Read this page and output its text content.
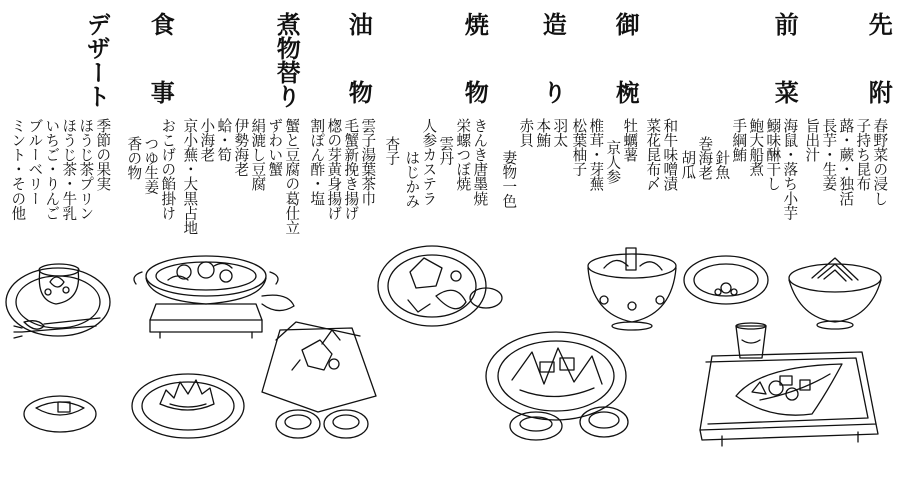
先附
春野菜の浸し
子持ち昆布
蕗・蕨・独活
長芋・生姜
旨出汁
前菜
海鼠・落ち小芋
鰯味醂干し
鮑大船煮
手綱鮪
針魚
巻海老
胡瓜
御椀
和牛味噌漬
菜花昆布〆
牡蠣薯
京人参
椎茸・芽蕪
松葉柚子
造り
羽太
本鮪
赤貝
妻物一色
焼物
きんき唐墨焼
栄螺つぼ焼
雲丹
人参カステラ
はじかみ
杏子
油物
雲子湯葉茶巾
毛蟹新挽き揚げ
楤の芽黄身揚げ
割ぽん酢・塩
煮物替り
蟹と豆腐の葛仕立
ずわい蟹
絹漉し豆腐
伊勢海老
蛤・筍
小海老
京小蕪・大黒占地
食事
おこげの餡掛け
つゆ生姜
香の物
デザート
季節の果実
ほうじ茶プリン
ほうじ茶・牛乳
いちご・りんご
ブルーベリー
ミント・その他
